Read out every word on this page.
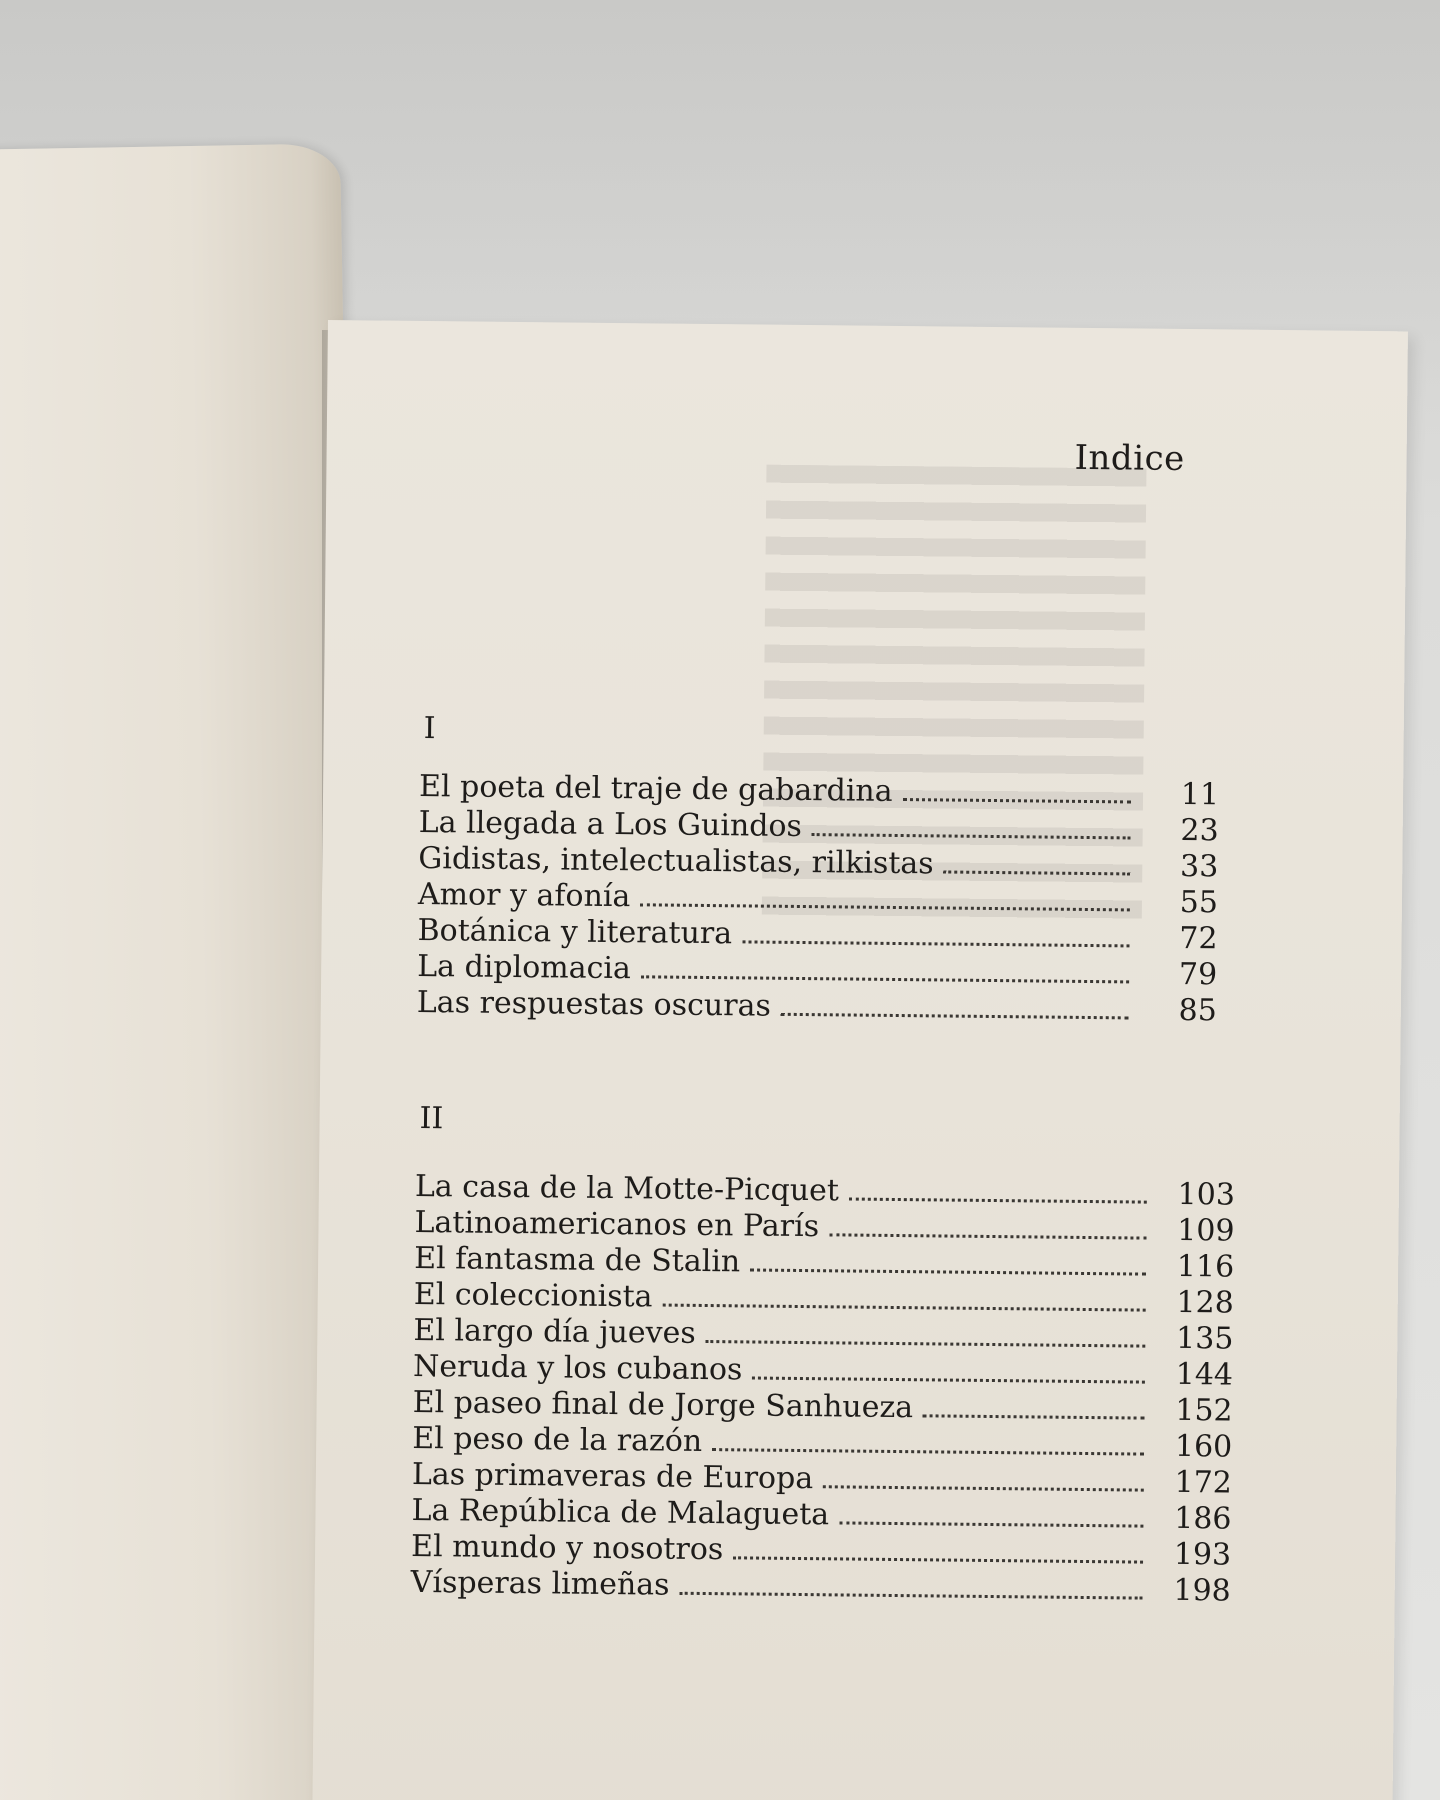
Indice
I
El poeta del traje de gabardina	11
La llegada a Los Guindos	23
Gidistas, intelectualistas, rilkistas	33
Amor y afonía	55
Botánica y literatura	72
La diplomacia	79
Las respuestas oscuras	85
II
La casa de la Motte-Picquet	103
Latinoamericanos en París	109
El fantasma de Stalin	116
El coleccionista	128
El largo día jueves	135
Neruda y los cubanos	144
El paseo final de Jorge Sanhueza	152
El peso de la razón	160
Las primaveras de Europa	172
La República de Malagueta	186
El mundo y nosotros	193
Vísperas limeñas	198
